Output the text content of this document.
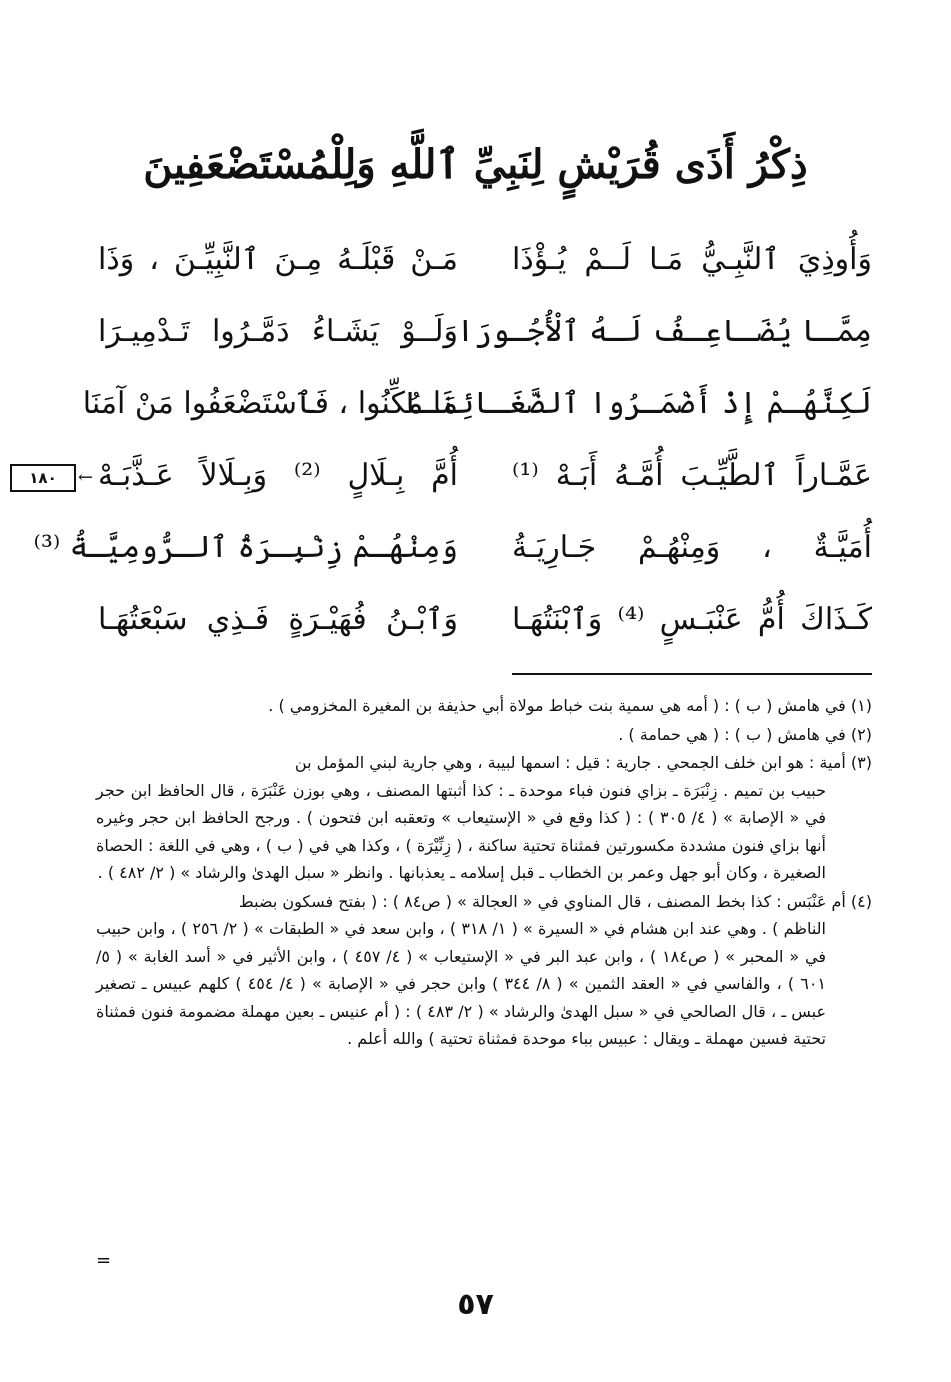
ذِكْرُ أَذَى قُرَيْشٍ لِنَبِيِّ ٱللَّهِ وَلِلْمُسْتَضْعَفِينَ
وَأُوذِيَ ٱلنَّبِـيُّ مَـا لَــمْ يُـؤْذَا
مَـنْ قَبْلَـهُ مِـنَ ٱلنَّبِيِّـنَ ، وَذَا
مِمَّـا يُضَـاعِـفُ لَـهُ ٱلْأُجُـورَا
وَلَــوْ يَشَـاءُ دَمَّـرُوا تَـدْمِيـرَا
لَكِنَّهُـمْ إِذْ أَضْمَـرُوا ٱلضَّغَـائِنَـا
مَا مُكِّنُوا ، فَٱسْتَضْعَفُوا مَنْ آمَنَا
عَمَّـاراً ٱلطَّيِّـبَ أُمَّـهُ أَبَـهْ ⁽¹⁾
أُمَّ بِـلَالٍ ⁽²⁾ وَبِـلَالاً عَـذَّبَـهْ
أُمَيَّـةٌ ، وَمِنْهُـمْ جَـارِيَـةُ
وَمِنْهُـمْ زِنْبِـرَةُ ٱلـرُّومِيَّـةُ ⁽³⁾
كَـذَاكَ أُمُّ عَنْبَـسٍ ⁽⁴⁾ وَٱبْنَتُهَـا
وَٱبْـنُ فُهَيْـرَةٍ فَـذِي سَبْعَتُهَـا
١٨٠	←
(١) في هامش ( ب ) : ( أمه هي سمية بنت خباط مولاة أبي حذيفة بن المغيرة المخزومي ) .
(٢) في هامش ( ب ) : ( هي حمامة ) .
(٣) أمية : هو ابن خلف الجمحي . جارية : قيل : اسمها لبيبة ، وهي جارية لبني المؤمل بن
حبيب بن تميم . زِنْبَرَة ـ بزاي فنون فباء موحدة ـ : كذا أثبتها المصنف ، وهي بوزن عَنْبَرَة ، قال الحافظ ابن حجر في « الإصابة » ( ٤/ ٣٠٥ ) : ( كذا وقع في « الإستيعاب » وتعقبه ابن فتحون ) . ورجح الحافظ ابن حجر وغيره أنها بزاي فنون مشددة مكسورتين فمثناة تحتية ساكنة ، ( زِنِّيْرَة ) ، وكذا هي في ( ب ) ، وهي في اللغة : الحصاة الصغيرة ، وكان أبو جهل وعمر بن الخطاب ـ قبل إسلامه ـ يعذبانها . وانظر « سبل الهدىٰ والرشاد » ( ٢/ ٤٨٢ ) .
(٤) أم عَنْبَس : كذا بخط المصنف ، قال المناوي في « العجالة » ( ص٨٤ ) : ( بفتح فسكون بضبط
الناظم ) . وهي عند ابن هشام في « السيرة » ( ١/ ٣١٨ ) ، وابن سعد في « الطبقات » ( ٢/ ٢٥٦ ) ، وابن حبيب في « المحبر » ( ص١٨٤ ) ، وابن عبد البر في « الإستيعاب » ( ٤/ ٤٥٧ ) ، وابن الأثير في « أسد الغابة » ( ٥/ ٦٠١ ) ، والفاسي في « العقد الثمين » ( ٨/ ٣٤٤ ) وابن حجر في « الإصابة » ( ٤/ ٤٥٤ ) كلهم عبيس ـ تصغير عبس ـ ، قال الصالحي في « سبل الهدىٰ والرشاد » ( ٢/ ٤٨٣ ) : ( أم عنيس ـ بعين مهملة مضمومة فنون فمثناة تحتية فسين مهملة ـ ويقال : عبيس بباء موحدة فمثناة تحتية ) والله أعلم .
=
٥٧
